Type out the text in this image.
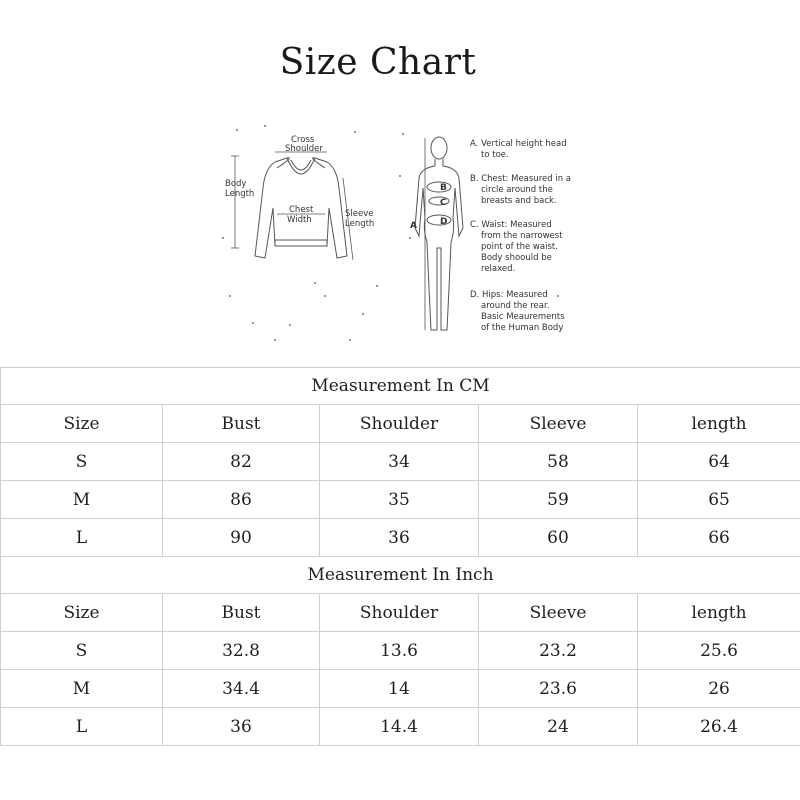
Size Chart
Cross
Shoulder
Body
Length
Chest
Width
Sleeve
Length	A
B
C
D
A. Vertical height head
to toe.
B. Chest: Measured in a
circle around the
breasts and back.
C. Waist: Measured
from the narrowest
point of the waist.
Body shoould be
relaxed.
D. Hips: Measured
around the rear.
Basic Meaurements
of the Human Body
Measurement In CM				
Size	Bust	Shoulder	Sleeve	length
S	82	34	58	64
M	86	35	59	65
L	90	36	60	66
Measurement In Inch				
Size	Bust	Shoulder	Sleeve	length
S	32.8	13.6	23.2	25.6
M	34.4	14	23.6	26
L	36	14.4	24	26.4
